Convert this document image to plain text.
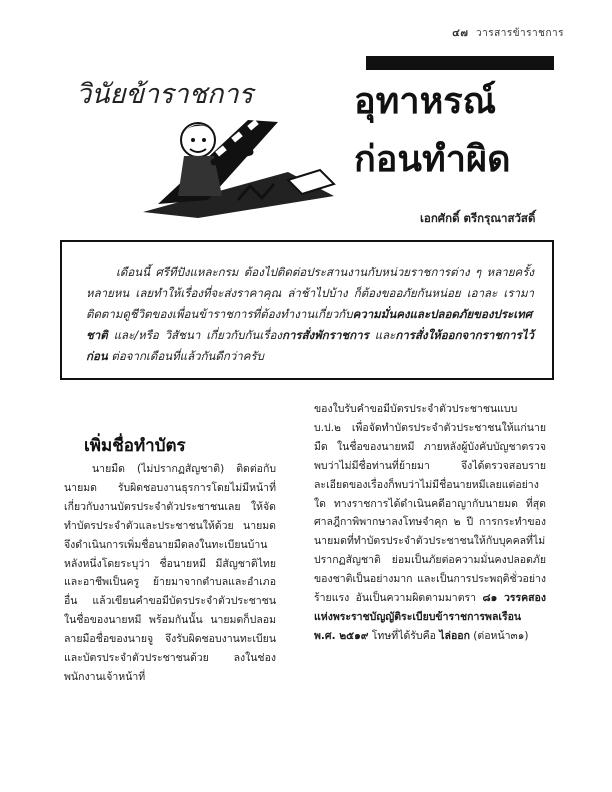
๔๗ วารสารข้าราชการ
วินัยข้าราชการ	อุทาหรณ์
ก่อนทำผิด
เอกศักดิ์ ตรีกรุณาสวัสดิ์

เดือนนี้ ศรีทีปังแหละกรม ต้องไปติดต่อประสานงานกับหน่วยราชการต่าง ๆ หลายครั้ง หลายหน เลยทำให้เรื่องที่จะส่งราคาคุณ ล่าช้าไปบ้าง ก็ต้องขออภัยกันหน่อย เอาละ เรามาติดตามดูชีวิตของเพื่อนข้าราชการที่ต้องทำงานเกี่ยวกับความมั่นคงและปลอดภัยของประเทศชาติ และ/หรือ วิสัชนา เกี่ยวกับกันเรื่องการสั่งพักราชการ และการสั่งให้ออกจากราชการไว้ก่อน ต่อจากเดือนที่แล้วกันดีกว่าครับ

เพิ่มชื่อทำบัตร

นายมืด (ไม่ปรากฏสัญชาติ) ติดต่อกับนายมด รับผิดชอบงานธุรการโดยไม่มีหน้าที่เกี่ยวกับงานบัตรประจำตัวประชาชนเลย ให้จัดทำบัตรประจำตัวและประชาชนให้ด้วย นายมดจึงดำเนินการเพิ่มชื่อนายมืดลงในทะเบียนบ้านหลังหนึ่งโดยระบุว่า ชื่อนายหมี มีสัญชาติไทยและอาชีพเป็นครู ย้ายมาจากตำบลและอำเภออื่น แล้วเขียนคำขอมีบัตรประจำตัวประชาชนในชื่อของนายหมี พร้อมกันนั้น นายมดก็ปลอมลายมือชื่อของนายจู จึงรับผิดชอบงานทะเบียนและบัตรประจำตัวประชาชนด้วย ลงในช่องพนักงานเจ้าหน้าที่

ของใบรับคำขอมีบัตรประจำตัวประชาชนแบบ บ.ป.๒ เพื่อจัดทำบัตรประจำตัวประชาชนให้แก่นายมืด ในชื่อของนายหมี ภายหลังผู้บังคับบัญชาตรวจพบว่าไม่มีชื่อท่านที่ย้ายมา จึงได้ตรวจสอบรายละเอียดของเรื่องก็พบว่าไม่มีชื่อนายหมีเลยแต่อย่างใด ทางราชการได้ดำเนินคดีอาญากับนายมด ที่สุดศาลฎีกาพิพากษาลงโทษจำคุก ๒ ปี การกระทำของนายมดที่ทำบัตรประจำตัวประชาชนให้กับบุคคลที่ไม่ปรากฏสัญชาติ ย่อมเป็นภัยต่อความมั่นคงปลอดภัยของชาติเป็นอย่างมาก และเป็นการประพฤติชั่วอย่างร้ายแรง อันเป็นความผิดตามมาตรา ๘๑ วรรคสอง แห่งพระราชบัญญัติระเบียบข้าราชการพลเรือน พ.ศ. ๒๕๑๙ โทษที่ได้รับคือ ไล่ออก (ต่อหน้า๓๑)
